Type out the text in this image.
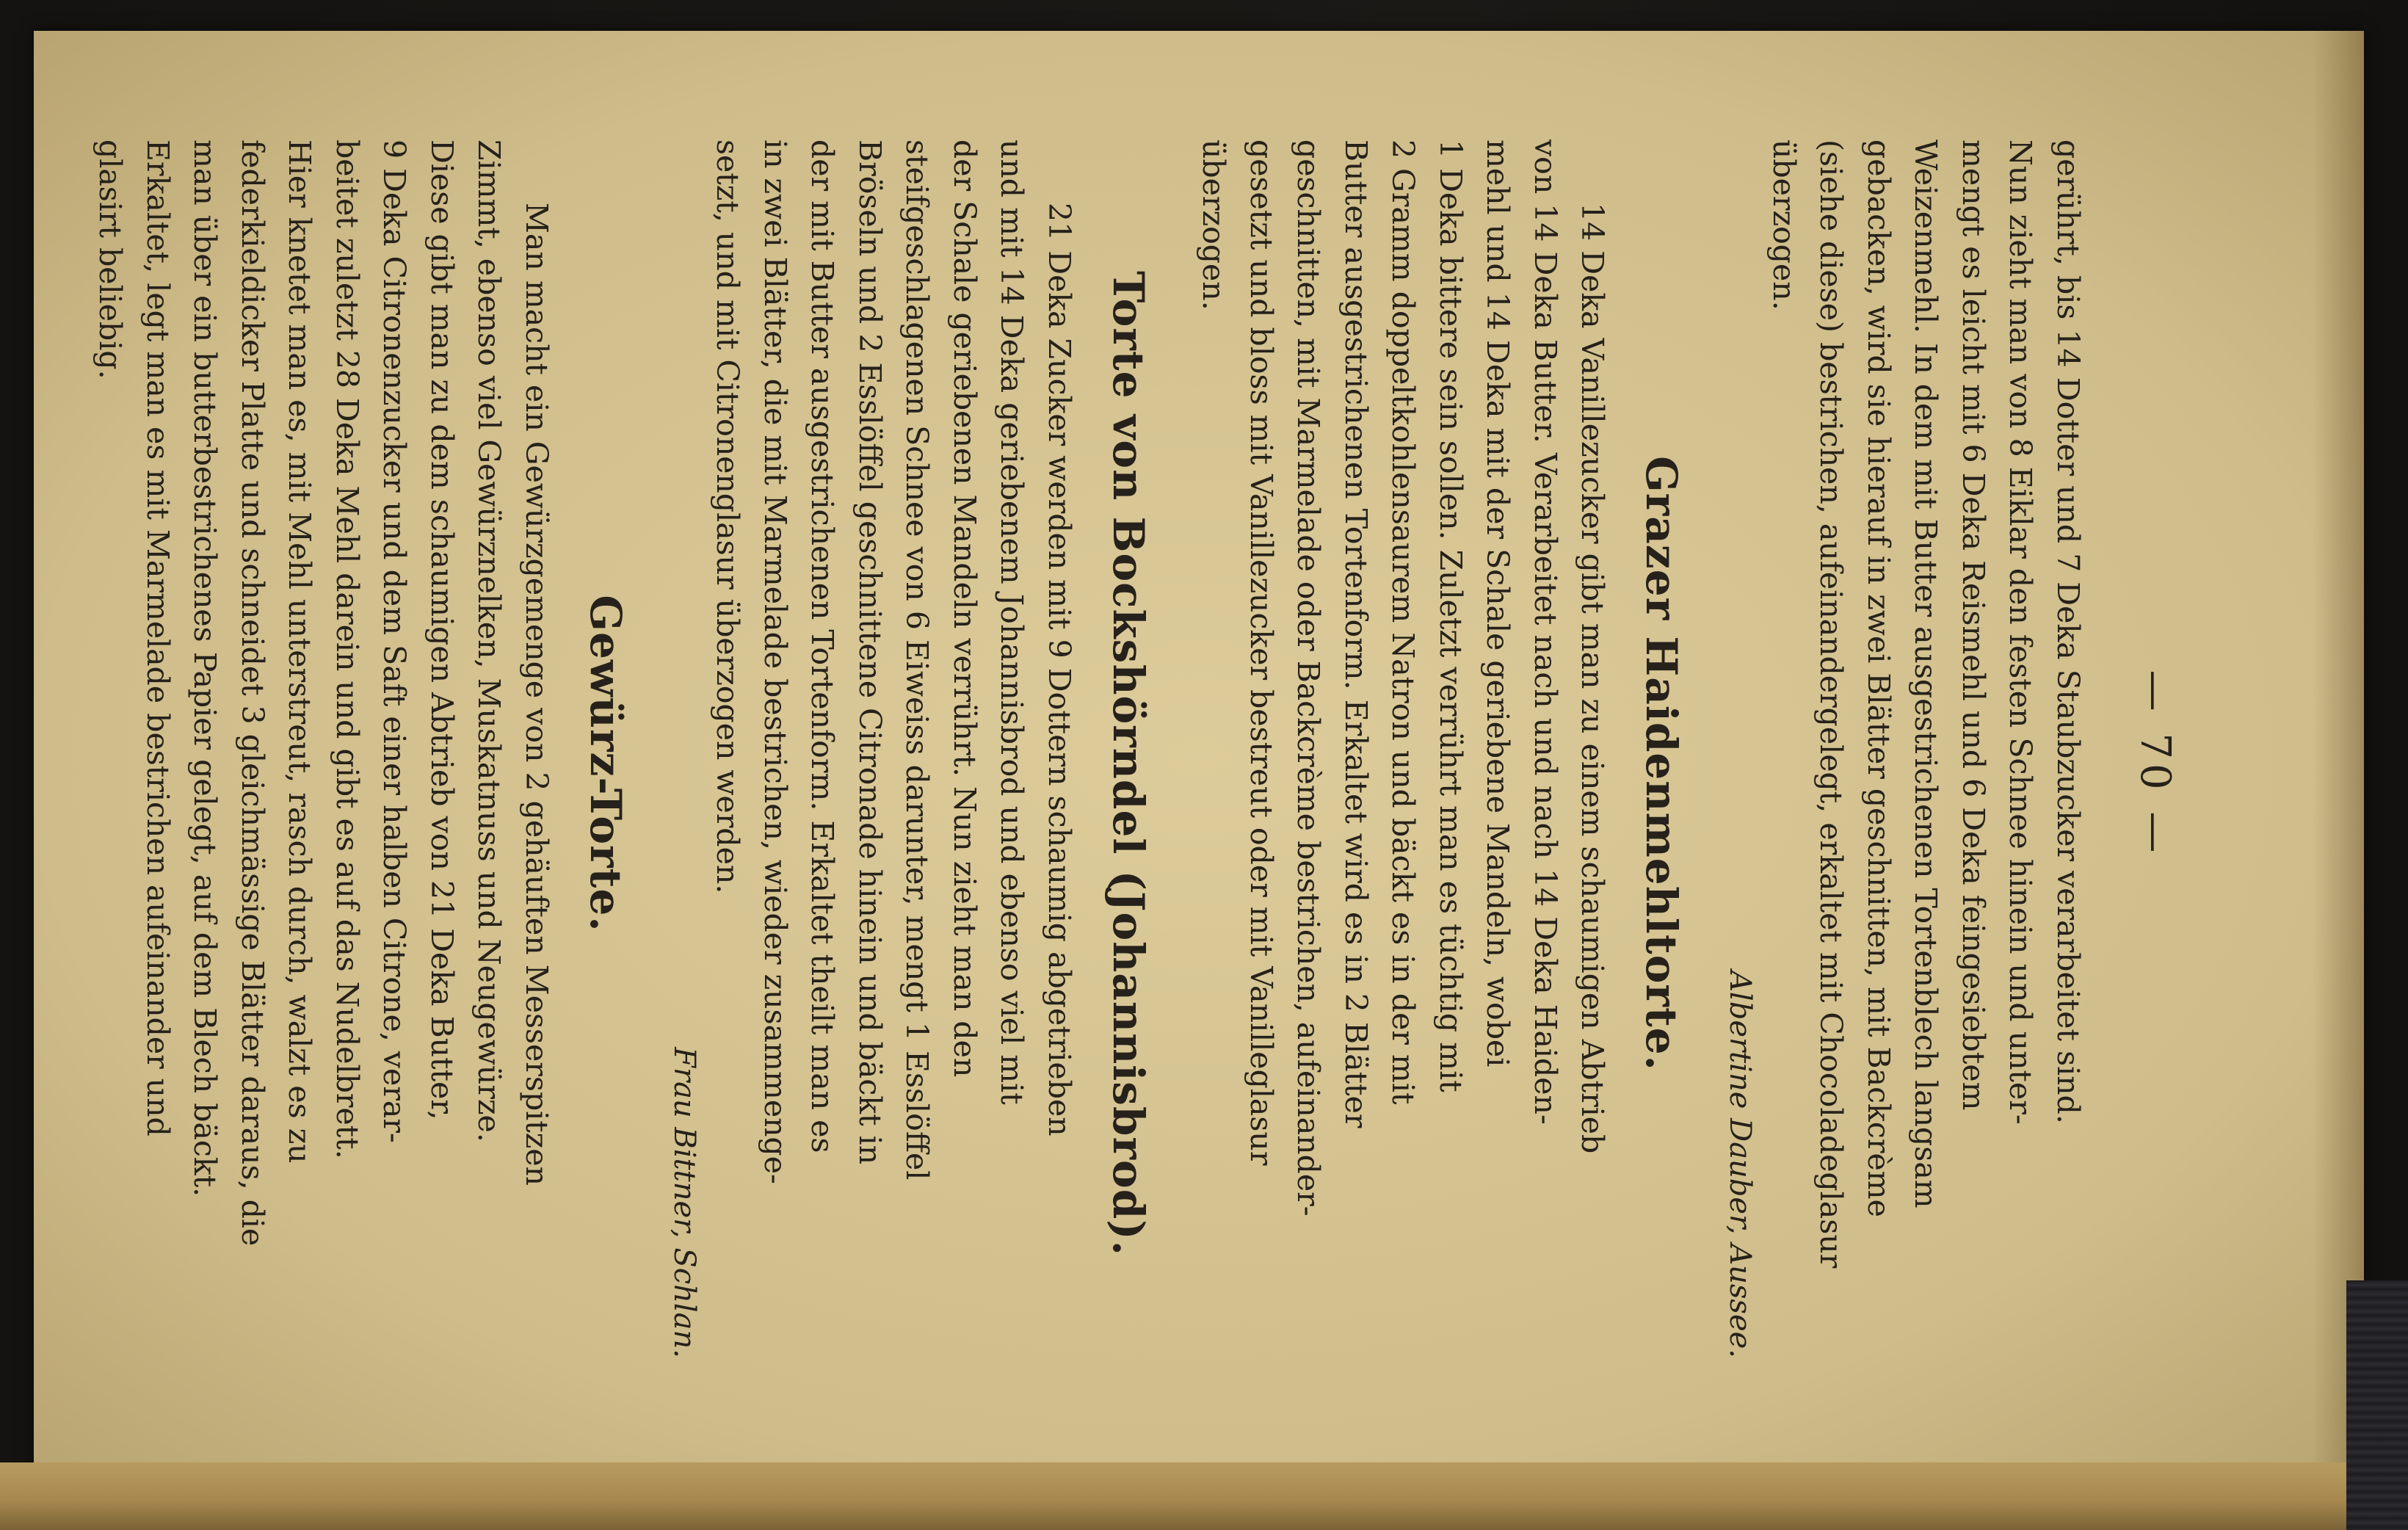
— 70 —

gerührt, bis 14 Dotter und 7 Deka Staubzucker verarbeitet sind.

Nun zieht man von 8 Eiklar den festen Schnee hinein und unter-

mengt es leicht mit 6 Deka Reismehl und 6 Deka feingesiebtem

Weizenmehl. In dem mit Butter ausgestrichenen Tortenblech langsam

gebacken, wird sie hierauf in zwei Blätter geschnitten, mit Backcrème

(siehe diese) bestrichen, aufeinandergelegt, erkaltet mit Chocoladeglasur

überzogen.

Albertine Dauber, Aussee.
Grazer Haidenmehltorte.

14 Deka Vanillezucker gibt man zu einem schaumigen Abtrieb

von 14 Deka Butter. Verarbeitet nach und nach 14 Deka Haiden-

mehl und 14 Deka mit der Schale geriebene Mandeln, wobei

1 Deka bittere sein sollen. Zuletzt verrührt man es tüchtig mit

2 Gramm doppeltkohlensaurem Natron und bäckt es in der mit

Butter ausgestrichenen Tortenform. Erkaltet wird es in 2 Blätter

geschnitten, mit Marmelade oder Backcrème bestrichen, aufeinander-

gesetzt und bloss mit Vanillezucker bestreut oder mit Vanilleglasur

überzogen.

Torte von Bockshörndel (Johannisbrod).

21 Deka Zucker werden mit 9 Dottern schaumig abgetrieben

und mit 14 Deka geriebenem Johannisbrod und ebenso viel mit

der Schale geriebenen Mandeln verrührt. Nun zieht man den

steifgeschlagenen Schnee von 6 Eiweiss darunter, mengt 1 Esslöffel

Bröseln und 2 Esslöffel geschnittene Citronade hinein und bäckt in

der mit Butter ausgestrichenen Tortenform. Erkaltet theilt man es

in zwei Blätter, die mit Marmelade bestrichen, wieder zusammenge-

setzt, und mit Citronenglasur überzogen werden.

Frau Bittner, Schlan.
Gewürz-Torte.

Man macht ein Gewürzgemenge von 2 gehäuften Messerspitzen

Zimmt, ebenso viel Gewürznelken, Muskatnuss und Neugewürze.

Diese gibt man zu dem schaumigen Abtrieb von 21 Deka Butter,

9 Deka Citronenzucker und dem Saft einer halben Citrone, verar-

beitet zuletzt 28 Deka Mehl darein und gibt es auf das Nudelbrett.

Hier knetet man es, mit Mehl unterstreut, rasch durch, walzt es zu

federkieldicker Platte und schneidet 3 gleichmässige Blätter daraus, die

man über ein butterbestrichenes Papier gelegt, auf dem Blech bäckt.

Erkaltet, legt man es mit Marmelade bestrichen aufeinander und

glasirt beliebig.
